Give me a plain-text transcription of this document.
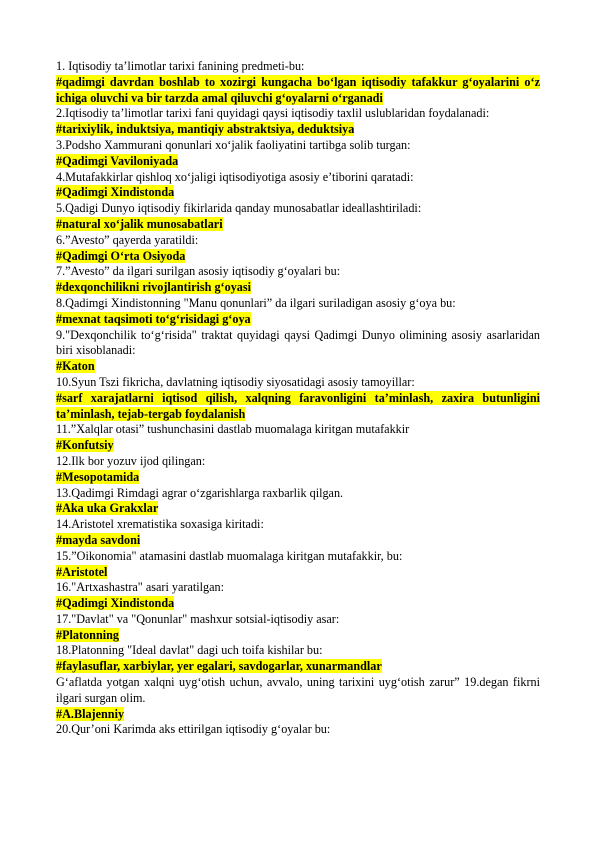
1. Iqtisodiy ta’limotlar tarixi fanining predmeti-bu:

#qadimgi davrdan boshlab to xozirgi kungacha bo‘lgan iqtisodiy tafakkur g‘oyalarini o‘z ichiga oluvchi va bir tarzda amal qiluvchi g‘oyalarni o‘rganadi

2.Iqtisodiy ta’limotlar tarixi fani quyidagi qaysi iqtisodiy taxlil uslublaridan foydalanadi:

#tarixiylik, induktsiya, mantiqiy abstraktsiya, deduktsiya

3.Podsho Xammurani qonunlari xo‘jalik faoliyatini tartibga solib turgan:

#Qadimgi Vaviloniyada

4.Mutafakkirlar qishloq xo‘jaligi iqtisodiyotiga asosiy e’tiborini qaratadi:

#Qadimgi Xindistonda

5.Qadigi Dunyo iqtisodiy fikirlarida qanday munosabatlar ideallashtiriladi:

#natural xo‘jalik munosabatlari

6.”Avesto” qayerda yaratildi:

#Qadimgi O‘rta Osiyoda

7.”Avesto” da ilgari surilgan asosiy iqtisodiy g‘oyalari bu:

#dexqonchilikni rivojlantirish g‘oyasi

8.Qadimgi Xindistonning "Manu qonunlari” da ilgari suriladigan asosiy g‘oya bu:

#mexnat taqsimoti to‘g‘risidagi g‘oya

9."Dexqonchilik to‘g‘risida" traktat quyidagi qaysi Qadimgi Dunyo olimining asosiy asarlaridan biri xisoblanadi:

#Katon

10.Syun Tszi fikricha, davlatning iqtisodiy siyosatidagi asosiy tamoyillar:

#sarf xarajatlarni iqtisod qilish, xalqning faravonligini ta’minlash, zaxira butunligini ta’minlash, tejab-tergab foydalanish

11.”Xalqlar otasi” tushunchasini dastlab muomalaga kiritgan mutafakkir

#Konfutsiy

12.Ilk bor yozuv ijod qilingan:

#Mesopotamida

13.Qadimgi Rimdagi agrar o‘zgarishlarga raxbarlik qilgan.

#Aka uka Grakxlar

14.Aristotel xrematistika soxasiga kiritadi:

#mayda savdoni

15.”Oikonomia" atamasini dastlab muomalaga kiritgan mutafakkir, bu:

#Aristotel

16."Artxashastra" asari yaratilgan:

#Qadimgi Xindistonda

17."Davlat" va "Qonunlar" mashxur sotsial-iqtisodiy asar:

#Platonning

18.Platonning "Ideal davlat" dagi uch toifa kishilar bu:

#faylasuflar, xarbiylar, yer egalari, savdogarlar, xunarmandlar

G‘aflatda yotgan xalqni uyg‘otish uchun, avvalo, uning tarixini uyg‘otish zarur” 19.degan fikrni ilgari surgan olim.

#A.Blajenniy

20.Qur’oni Karimda aks ettirilgan iqtisodiy g‘oyalar bu:
